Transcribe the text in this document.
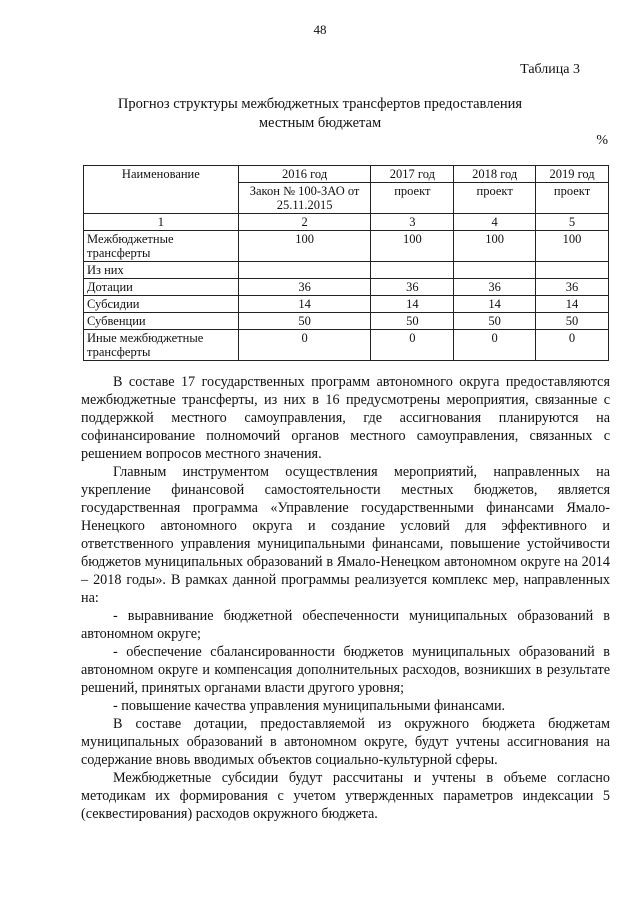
48
Таблица 3
Прогноз структуры межбюджетных трансфертов предоставления
местным бюджетам
%
Наименование	2016 год	2017 год	2018 год	2019 год
	Закон № 100-ЗАО от 25.11.2015	проект	проект	проект
1	2	3	4	5
Межбюджетные трансферты	100	100	100	100
Из них				
Дотации	36	36	36	36
Субсидии	14	14	14	14
Субвенции	50	50	50	50
Иные межбюджетные трансферты	0	0	0	0

В составе 17 государственных программ автономного округа предоставляются межбюджетные трансферты, из них в 16 предусмотрены мероприятия, связанные с поддержкой местного самоуправления, где ассигнования планируются на софинансирование полномочий органов местного самоуправления, связанных с решением вопросов местного значения.

Главным инструментом осуществления мероприятий, направленных на укрепление финансовой самостоятельности местных бюджетов, является государственная программа «Управление государственными финансами Ямало-Ненецкого автономного округа и создание условий для эффективного и ответственного управления муниципальными финансами, повышение устойчивости бюджетов муниципальных образований в Ямало-Ненецком автономном округе на 2014 – 2018 годы». В рамках данной программы реализуется комплекс мер, направленных на:

- выравнивание бюджетной обеспеченности муниципальных образований в автономном округе;

- обеспечение сбалансированности бюджетов муниципальных образований в автономном округе и компенсация дополнительных расходов, возникших в результате решений, принятых органами власти другого уровня;

- повышение качества управления муниципальными финансами.

В составе дотации, предоставляемой из окружного бюджета бюджетам муниципальных образований в автономном округе, будут учтены ассигнования на содержание вновь вводимых объектов социально-культурной сферы.

Межбюджетные субсидии будут рассчитаны и учтены в объеме согласно методикам их формирования с учетом утвержденных параметров индексации 5 (секвестирования) расходов окружного бюджета.
